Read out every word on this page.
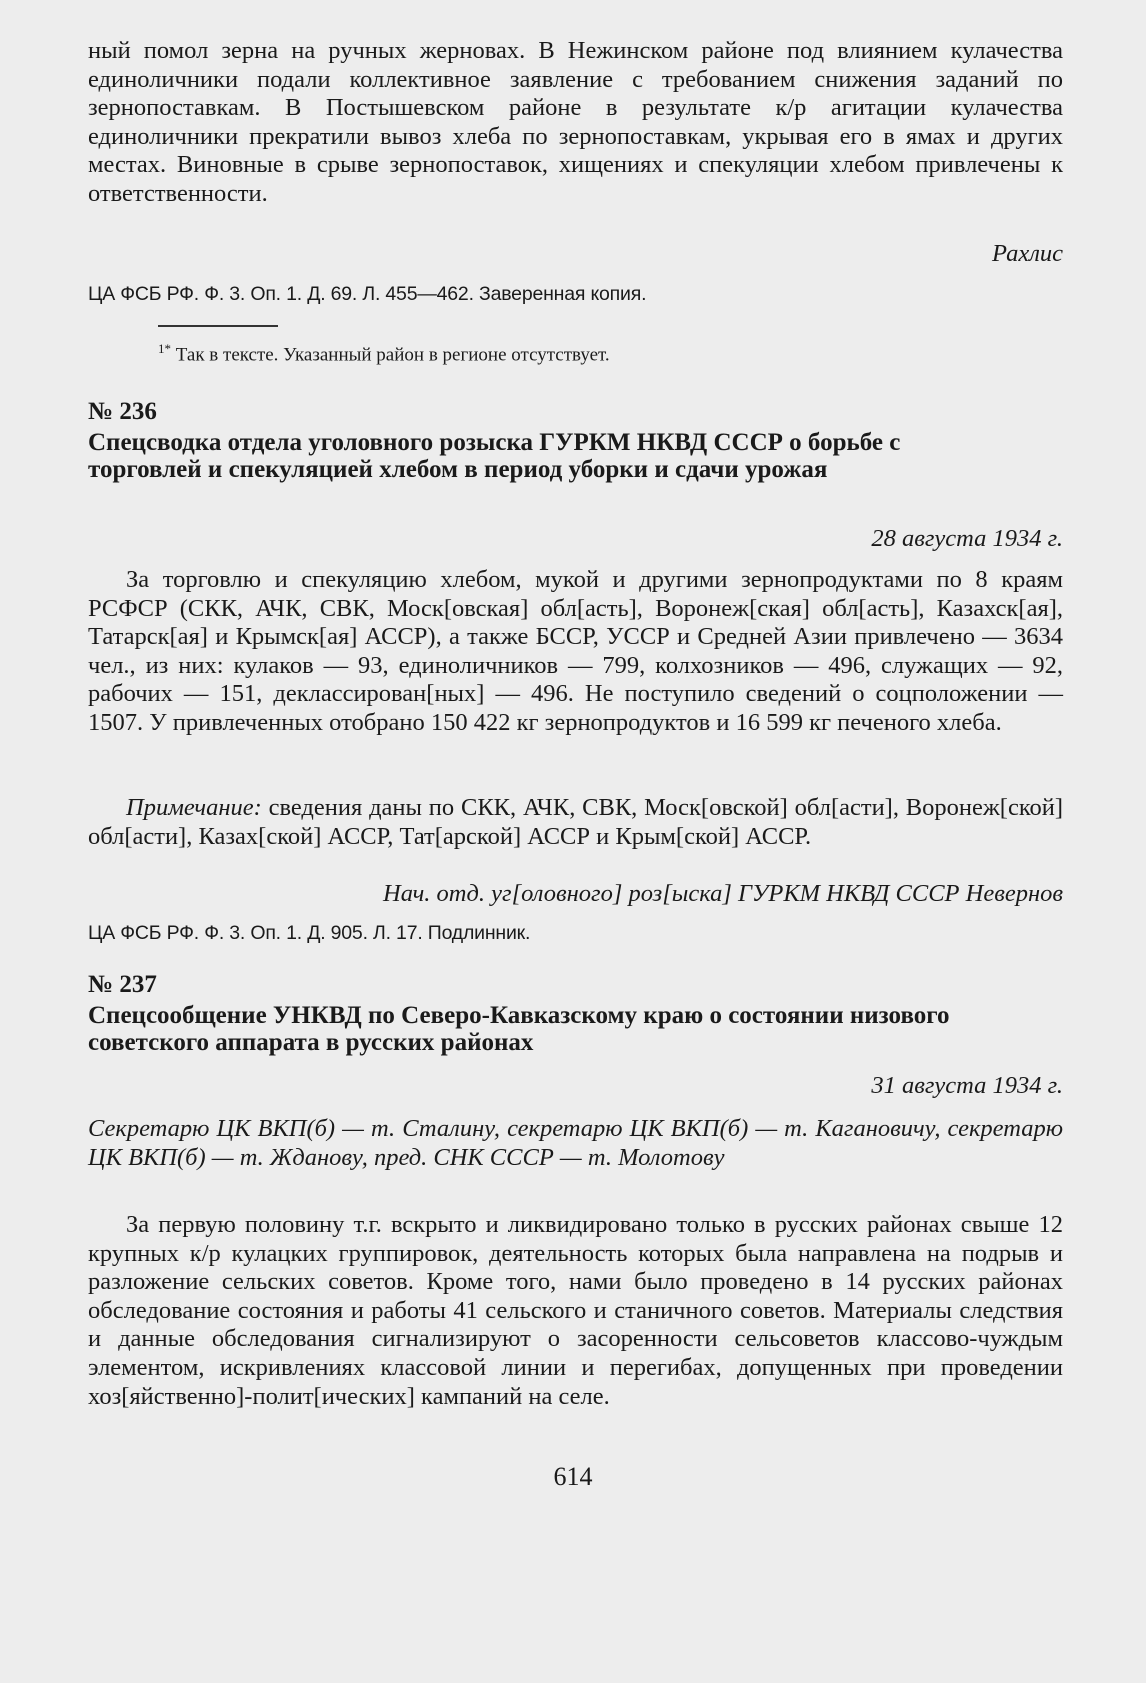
ный помол зерна на ручных жерновах. В Нежинском районе под влиянием кулачества единоличники подали коллективное заявление с требованием снижения заданий по зернопоставкам. В Постышевском районе в результате к/р агитации кулачества единоличники прекратили вывоз хлеба по зернопоставкам, укрывая его в ямах и других местах. Виновные в срыве зернопоставок, хищениях и спекуляции хлебом привлечены к ответственности.
Рахлис
ЦА ФСБ РФ. Ф. 3. Оп. 1. Д. 69. Л. 455—462. Заверенная копия.
$^{1*}$ Так в тексте. Указанный район в регионе отсутствует.
№ 236
Спецсводка отдела уголовного розыска ГУРКМ НКВД СССР о борьбе с торговлей и спекуляцией хлебом в период уборки и сдачи урожая
28 августа 1934 г.
За торговлю и спекуляцию хлебом, мукой и другими зернопродуктами по 8 краям РСФСР (СКК, АЧК, СВК, Моск[овская] обл[асть], Воронеж[ская] обл[асть], Казахск[ая], Татарск[ая] и Крымск[ая] АССР), а также БССР, УССР и Средней Азии привлечено — 3634 чел., из них: кулаков — 93, единоличников — 799, колхозников — 496, служащих — 92, рабочих — 151, деклассирован[ных] — 496. Не поступило сведений о соцположении — 1507. У привлеченных отобрано 150 422 кг зернопродуктов и 16 599 кг печеного хлеба.
Примечание: сведения даны по СКК, АЧК, СВК, Моск[овской] обл[асти], Воронеж[ской] обл[асти], Казах[ской] АССР, Тат[арской] АССР и Крым[ской] АССР.
Нач. отд. уг[оловного] роз[ыска] ГУРКМ НКВД СССР Невернов
ЦА ФСБ РФ. Ф. 3. Оп. 1. Д. 905. Л. 17. Подлинник.
№ 237
Спецсообщение УНКВД по Северо-Кавказскому краю о состоянии низового советского аппарата в русских районах
31 августа 1934 г.
Секретарю ЦК ВКП(б) — т. Сталину, секретарю ЦК ВКП(б) — т. Кагановичу, секретарю ЦК ВКП(б) — т. Жданову, пред. СНК СССР — т. Молотову
За первую половину т.г. вскрыто и ликвидировано только в русских районах свыше 12 крупных к/р кулацких группировок, деятельность которых была направлена на подрыв и разложение сельских советов. Кроме того, нами было проведено в 14 русских районах обследование состояния и работы 41 сельского и станичного советов. Материалы следствия и данные обследования сигнализируют о засоренности сельсоветов классово-чуждым элементом, искривлениях классовой линии и перегибах, допущенных при проведении хоз[яйственно]-полит[ических] кампаний на селе.
614
